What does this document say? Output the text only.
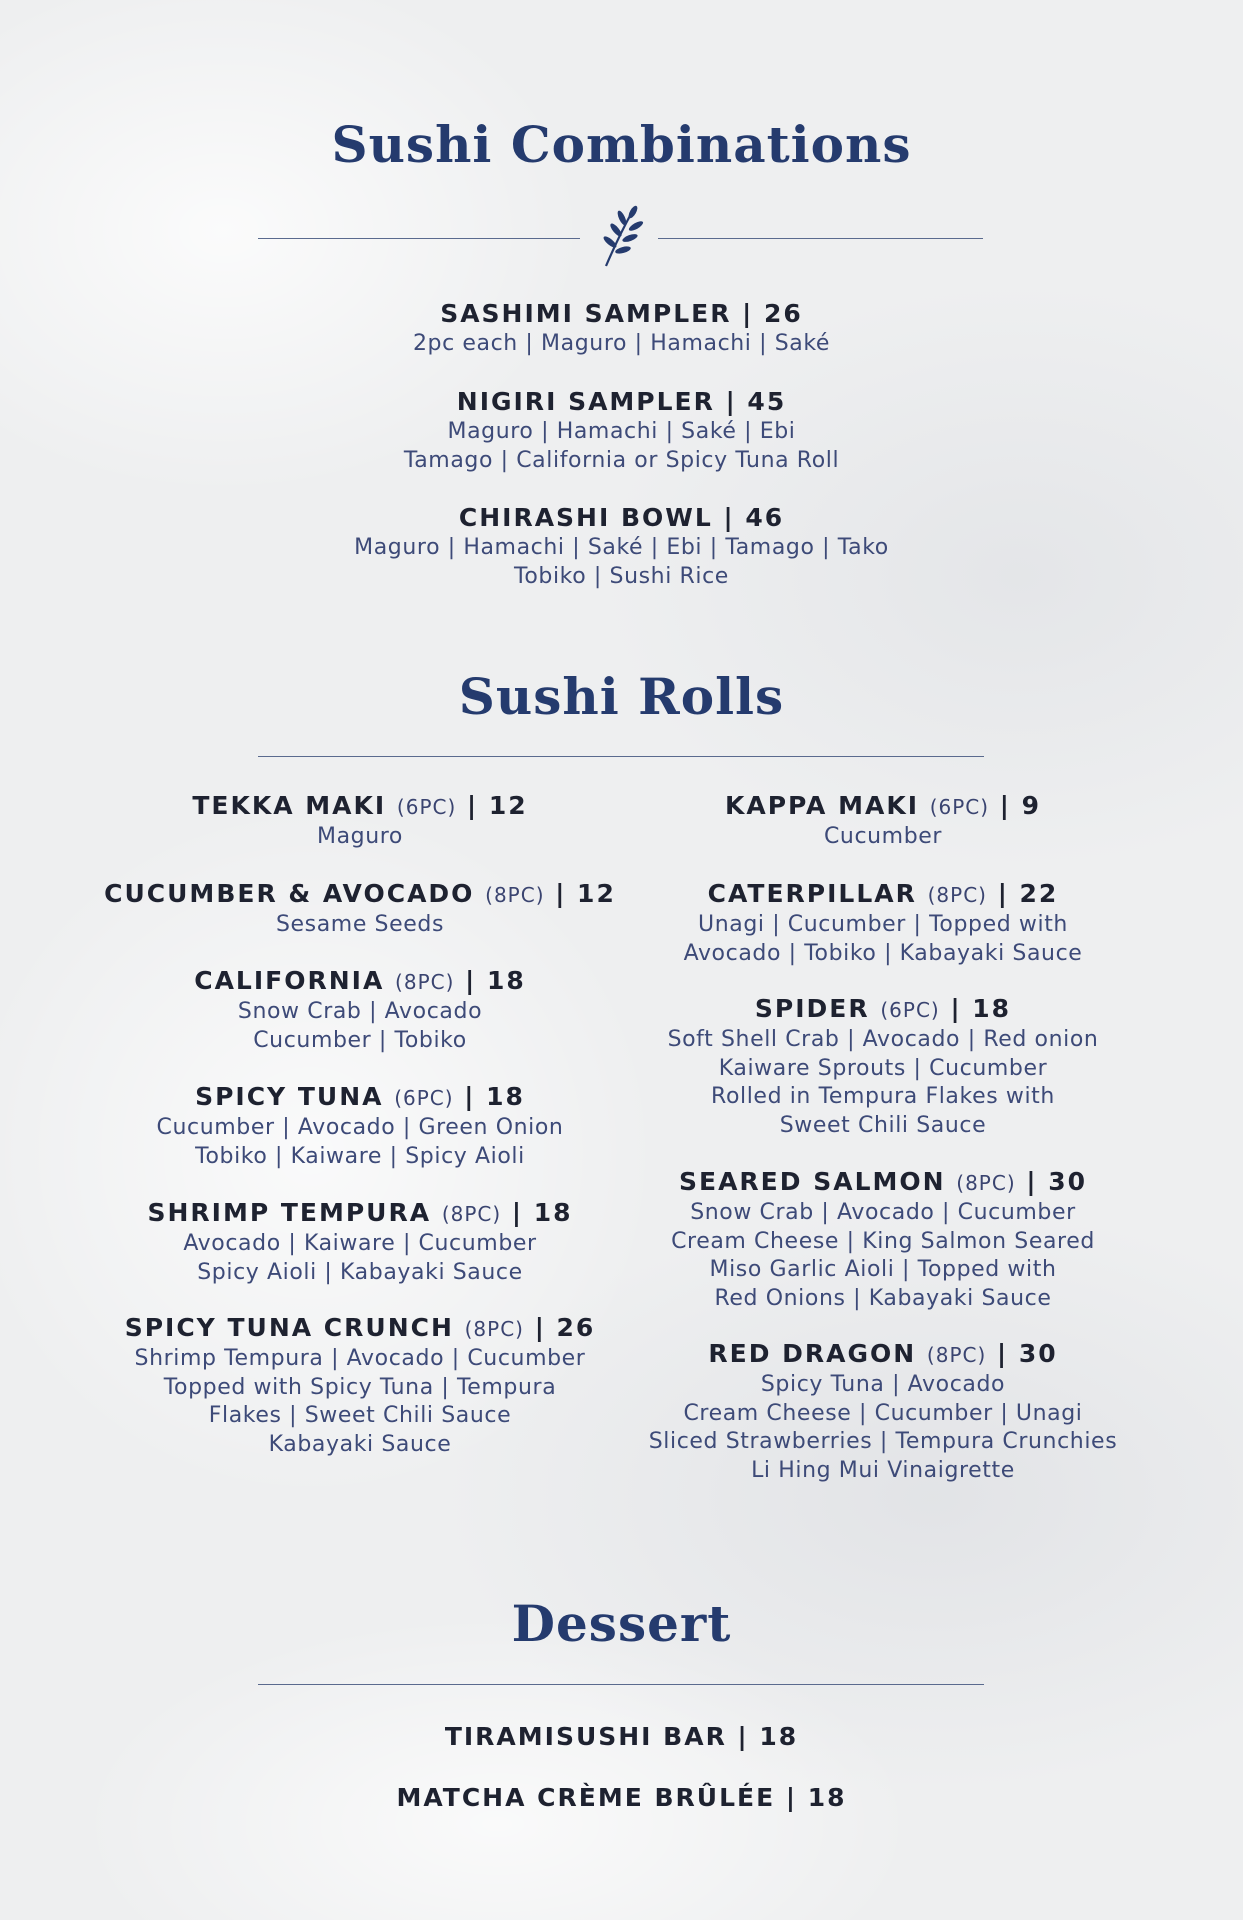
Sushi Combinations
SASHIMI SAMPLER | 26
2pc each | Maguro | Hamachi | Saké
NIGIRI SAMPLER | 45
Maguro | Hamachi | Saké | Ebi
Tamago | California or Spicy Tuna Roll
CHIRASHI BOWL | 46
Maguro | Hamachi | Saké | Ebi | Tamago | Tako
Tobiko | Sushi Rice
Sushi Rolls
TEKKA MAKI (6PC) | 12
Maguro
CUCUMBER & AVOCADO (8PC) | 12
Sesame Seeds
CALIFORNIA (8PC) | 18
Snow Crab | Avocado
Cucumber | Tobiko
SPICY TUNA (6PC) | 18
Cucumber | Avocado | Green Onion
Tobiko | Kaiware | Spicy Aioli
SHRIMP TEMPURA (8PC) | 18
Avocado | Kaiware | Cucumber
Spicy Aioli | Kabayaki Sauce
SPICY TUNA CRUNCH (8PC) | 26
Shrimp Tempura | Avocado | Cucumber
Topped with Spicy Tuna | Tempura
Flakes | Sweet Chili Sauce
Kabayaki Sauce
KAPPA MAKI (6PC) | 9
Cucumber
CATERPILLAR (8PC) | 22
Unagi | Cucumber | Topped with
Avocado | Tobiko | Kabayaki Sauce
SPIDER (6PC) | 18
Soft Shell Crab | Avocado | Red onion
Kaiware Sprouts | Cucumber
Rolled in Tempura Flakes with
Sweet Chili Sauce
SEARED SALMON (8PC) | 30
Snow Crab | Avocado | Cucumber
Cream Cheese | King Salmon Seared
Miso Garlic Aioli | Topped with
Red Onions | Kabayaki Sauce
RED DRAGON (8PC) | 30
Spicy Tuna | Avocado
Cream Cheese | Cucumber | Unagi
Sliced Strawberries | Tempura Crunchies
Li Hing Mui Vinaigrette
Dessert
TIRAMISUSHI BAR | 18
MATCHA CRÈME BRÛLÉE | 18
